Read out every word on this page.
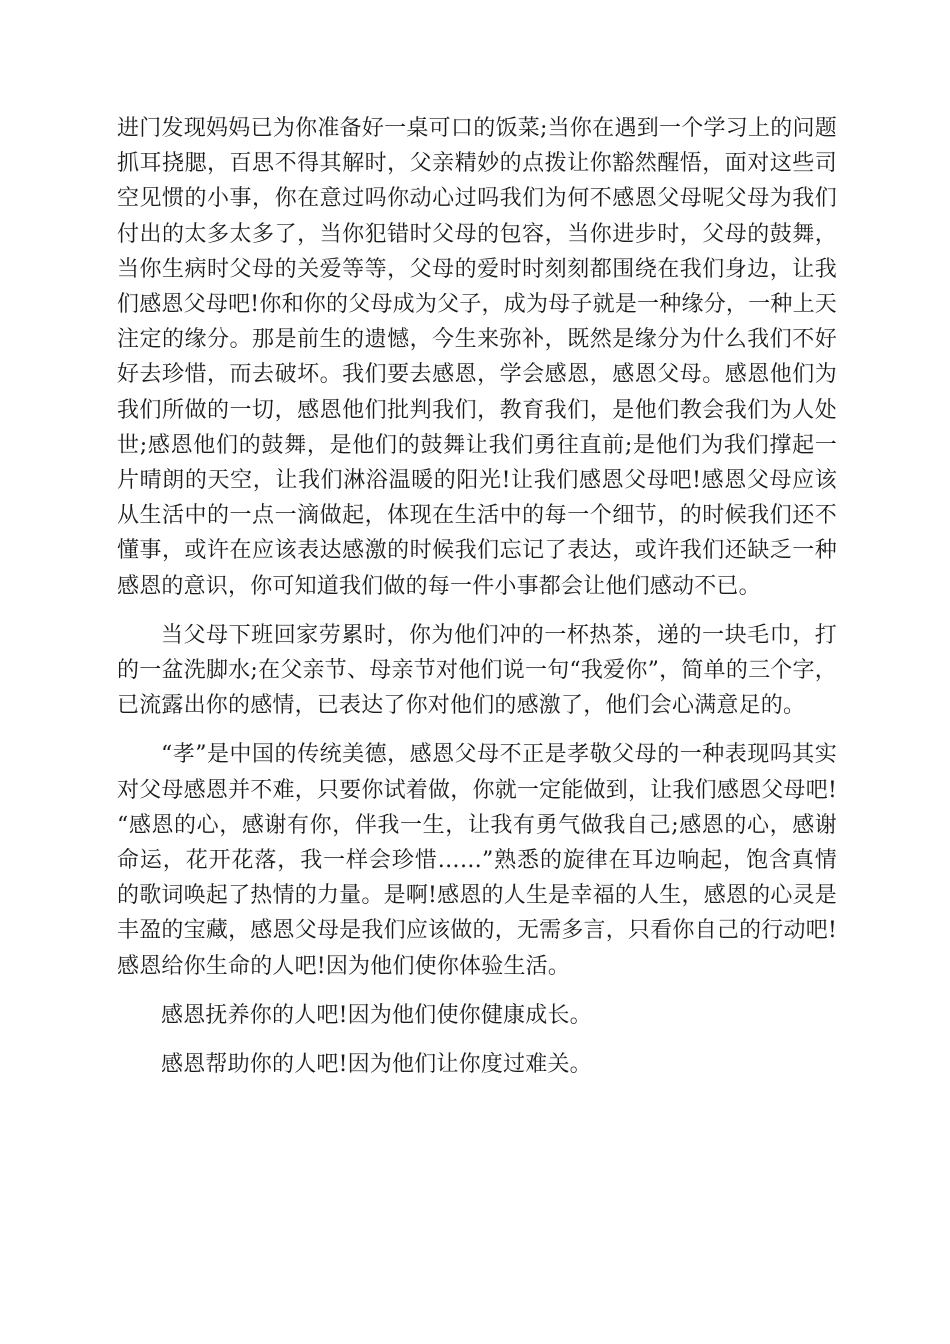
进门发现妈妈已为你准备好一桌可口的饭菜;当你在遇到一个学习上的问题抓耳挠腮，百思不得其解时，父亲精妙的点拨让你豁然醒悟，面对这些司空见惯的小事，你在意过吗你动心过吗我们为何不感恩父母呢父母为我们付出的太多太多了，当你犯错时父母的包容，当你进步时，父母的鼓舞，当你生病时父母的关爱等等，父母的爱时时刻刻都围绕在我们身边，让我们感恩父母吧!你和你的父母成为父子，成为母子就是一种缘分，一种上天注定的缘分。那是前生的遗憾，今生来弥补，既然是缘分为什么我们不好好去珍惜，而去破坏。我们要去感恩，学会感恩，感恩父母。感恩他们为我们所做的一切，感恩他们批判我们，教育我们，是他们教会我们为人处世;感恩他们的鼓舞，是他们的鼓舞让我们勇往直前;是他们为我们撑起一片晴朗的天空，让我们淋浴温暖的阳光!让我们感恩父母吧!感恩父母应该从生活中的一点一滴做起，体现在生活中的每一个细节，的时候我们还不懂事，或许在应该表达感激的时候我们忘记了表达，或许我们还缺乏一种感恩的意识，你可知道我们做的每一件小事都会让他们感动不已。

当父母下班回家劳累时，你为他们冲的一杯热茶，递的一块毛巾，打的一盆洗脚水;在父亲节、母亲节对他们说一句“我爱你”，简单的三个字，已流露出你的感情，已表达了你对他们的感激了，他们会心满意足的。

“孝”是中国的传统美德，感恩父母不正是孝敬父母的一种表现吗其实对父母感恩并不难，只要你试着做，你就一定能做到，让我们感恩父母吧!“感恩的心，感谢有你，伴我一生，让我有勇气做我自己;感恩的心，感谢命运，花开花落，我一样会珍惜……”熟悉的旋律在耳边响起，饱含真情的歌词唤起了热情的力量。是啊!感恩的人生是幸福的人生，感恩的心灵是丰盈的宝藏，感恩父母是我们应该做的，无需多言，只看你自己的行动吧!感恩给你生命的人吧!因为他们使你体验生活。

感恩抚养你的人吧!因为他们使你健康成长。

感恩帮助你的人吧!因为他们让你度过难关。
